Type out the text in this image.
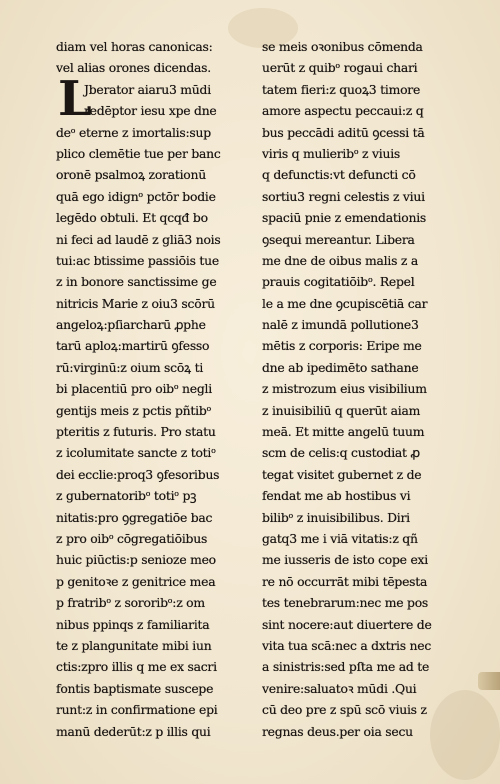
L
diam vel horas canonicas:
vel alias orones dicendas.
Jberator aiaru3 mūdi
redēptor iesu xpe dne
deᵒ eterne z imortalis:sup
plico clemētie tue per banc
oronē psalmoꝝ zorationū
quā ego idignᵒ pctōr bodie
legēdo obtuli. Et qcqđ bo
ni feci ad laudē z gliā3 nois
tui:ac btissime passiōis tue
z in bonore sanctissime ge
nitricis Marie z oiu3 scōrū
angeloꝝ:pſiarcharū ꝓphe
tarū aploꝝ:martirū ꝯfesso
rū:virginū:z oium scōꝝ ti
bi placentiū pro oibᵒ negli
gentijs meis z pctis pñtibᵒ
pteritis z futuris. Pro statu
z icolumitate sancte z totiᵒ
dei ecclie:proq3 ꝯfesoribus
z gubernatoribᵒ totiᵒ pꝫ
nitatis:pro ꝯgregatiōe bac
z pro oibᵒ cōgregatiōibus
huic piūctis:p senioze meo
p genitoꝛe z genitrice mea
p fratribᵒ z sororibᵒ:z om
nibus ppinqs z familiarita
te z plangunitate mibi iun
ctis:zpro illis q me ex sacri
fontis baptismate suscepe
runt:z in confirmatione epi
manū dederūt:z p illis qui
se meis oꝛonibus cōmenda
uerūt z quibᵒ rogaui chari
tatem fieri:z quoꝝ3 timore
amore aspectu peccaui:z q
bus peccādi aditū ꝯcessi tā
viris q mulieribᵒ z viuis
q defunctis:vt defuncti cō
sortiu3 regni celestis z viui
spaciū pnie z emendationis
ꝯsequi mereantur. Libera
me dne de oibus malis z a
prauis cogitatiōibᵒ. Repel
le a me dne ꝯcupiscētiā car
nalē z imundā pollutione3
mētis z corporis: Eripe me
dne ab ipedimēto sathane
z mistrozum eius visibilium
z inuisibiliū q querūt aiam
meā. Et mitte angelū tuum
scm de celis:q custodiat ꝓ
tegat visitet gubernet z de
fendat me ab hostibus vi
bilibᵒ z inuisibilibus. Diri
gatq3 me i viā vitatis:z qñ
me iusseris de isto cope exi
re nō occurrāt mibi tēpesta
tes tenebrarum:nec me pos
sint nocere:aut diuertere de
vita tua scā:nec a dxtris nec
a sinistris:sed pſta me ad te
venire:saluatoꝛ mūdi .Qui
cū deo pre z spū scō viuis z
regnas deus.per oia secu
